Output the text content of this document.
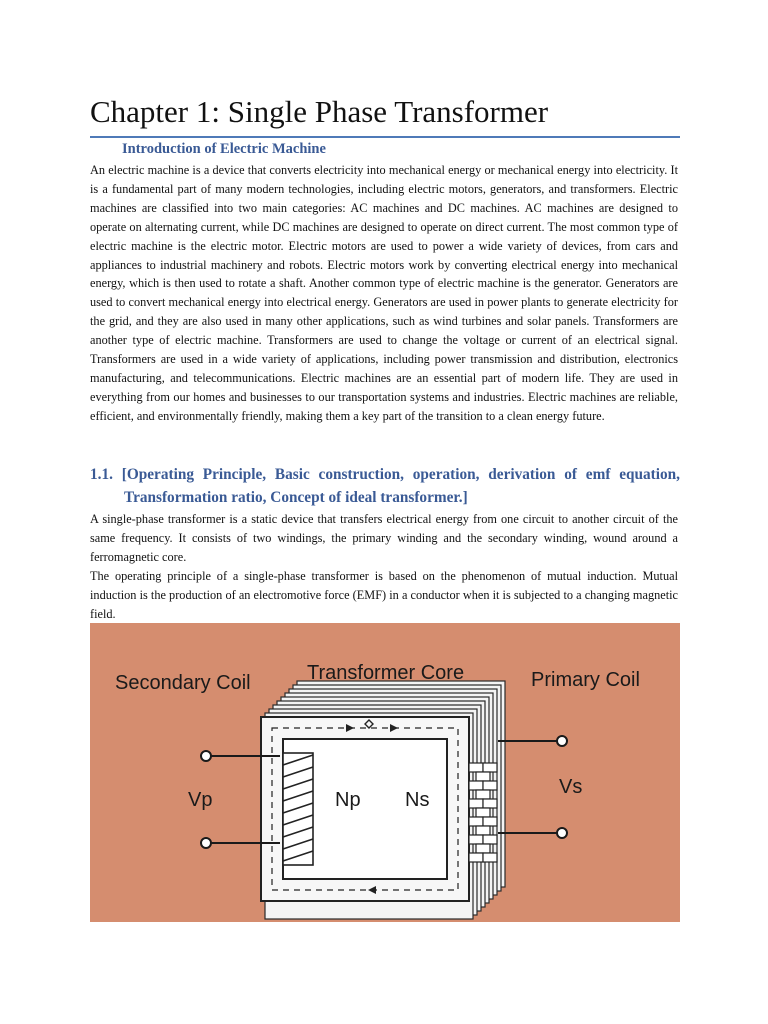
Chapter 1: Single Phase Transformer
Introduction of Electric Machine

An electric machine is a device that converts electricity into mechanical energy or mechanical energy into electricity. It is a fundamental part of many modern technologies, including electric motors, generators, and transformers. Electric machines are classified into two main categories: AC machines and DC machines. AC machines are designed to operate on alternating current, while DC machines are designed to operate on direct current. The most common type of electric machine is the electric motor. Electric motors are used to power a wide variety of devices, from cars and appliances to industrial machinery and robots. Electric motors work by converting electrical energy into mechanical energy, which is then used to rotate a shaft. Another common type of electric machine is the generator. Generators are used to convert mechanical energy into electrical energy. Generators are used in power plants to generate electricity for the grid, and they are also used in many other applications, such as wind turbines and solar panels. Transformers are another type of electric machine. Transformers are used to change the voltage or current of an electrical signal. Transformers are used in a wide variety of applications, including power transmission and distribution, electronics manufacturing, and telecommunications. Electric machines are an essential part of modern life. They are used in everything from our homes and businesses to our transportation systems and industries. Electric machines are reliable, efficient, and environmentally friendly, making them a key part of the transition to a clean energy future.

1.1. [Operating Principle, Basic construction, operation, derivation of emf equation, Transformation ratio, Concept of ideal transformer.]

A single-phase transformer is a static device that transfers electrical energy from one circuit to another circuit of the same frequency. It consists of two windings, the primary winding and the secondary winding, wound around a ferromagnetic core.

The operating principle of a single-phase transformer is based on the phenomenon of mutual induction. Mutual induction is the production of an electromotive force (EMF) in a conductor when it is subjected to a changing magnetic field.

Secondary Coil	Transformer Core	Primary Coil
Vp
Vs
Np Ns
